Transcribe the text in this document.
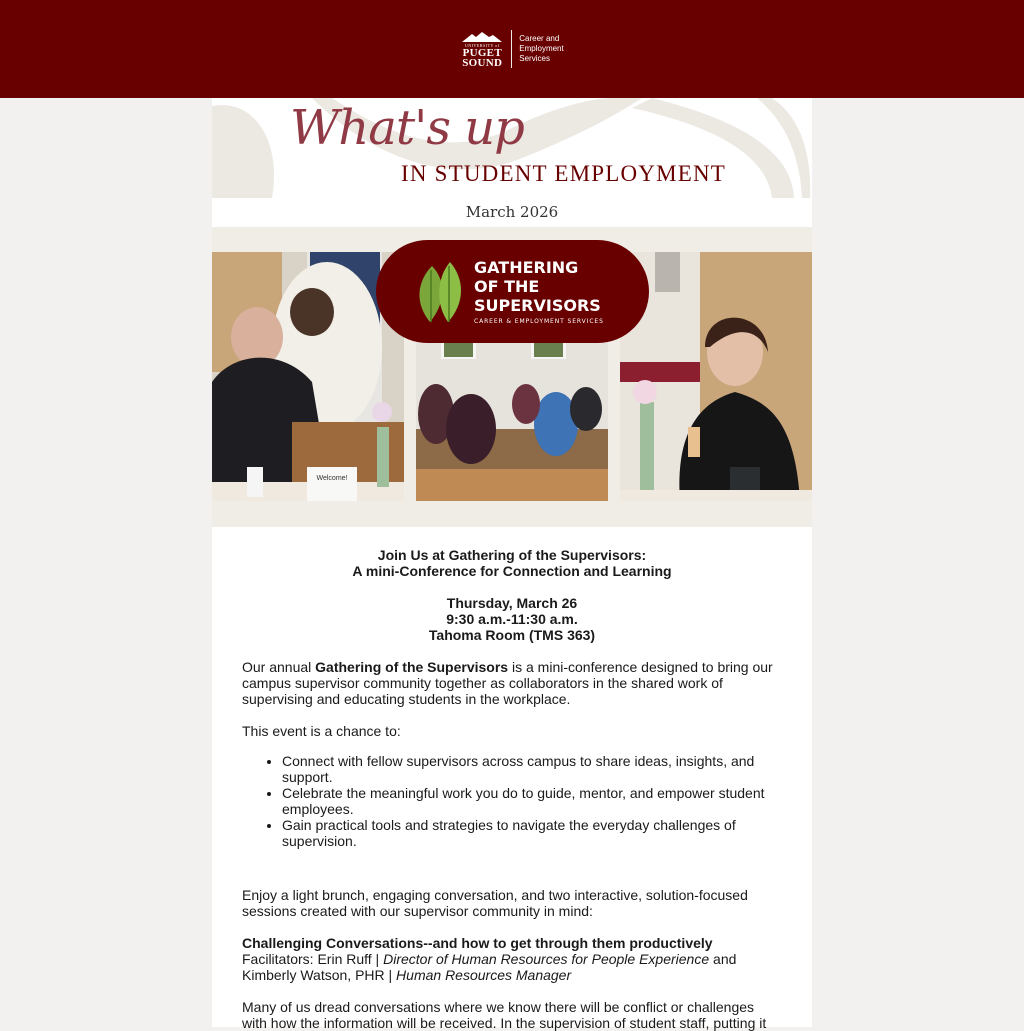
UNIVERSITY of
PUGET
SOUND
Career and
Employment
Services
What's up
IN STUDENT EMPLOYMENT
March 2026
Welcome!
GATHERING
OF THE
SUPERVISORS
CAREER & EMPLOYMENT SERVICES
Join Us at Gathering of the Supervisors:
A mini-Conference for Connection and Learning
Thursday, March 26
9:30 a.m.-11:30 a.m.
Tahoma Room (TMS 363)
Our annual Gathering of the Supervisors is a mini-conference designed to bring our campus supervisor community together as collaborators in the shared work of supervising and educating students in the workplace.
This event is a chance to:
• Connect with fellow supervisors across campus to share ideas, insights, and support.
• Celebrate the meaningful work you do to guide, mentor, and empower student employees.
• Gain practical tools and strategies to navigate the everyday challenges of supervision.
Enjoy a light brunch, engaging conversation, and two interactive, solution-focused sessions created with our supervisor community in mind:
Challenging Conversations--and how to get through them productively
Facilitators: Erin Ruff | Director of Human Resources for People Experience and Kimberly Watson, PHR | Human Resources Manager
Many of us dread conversations where we know there will be conflict or challenges with how the information will be received. In the supervision of student staff, putting it
